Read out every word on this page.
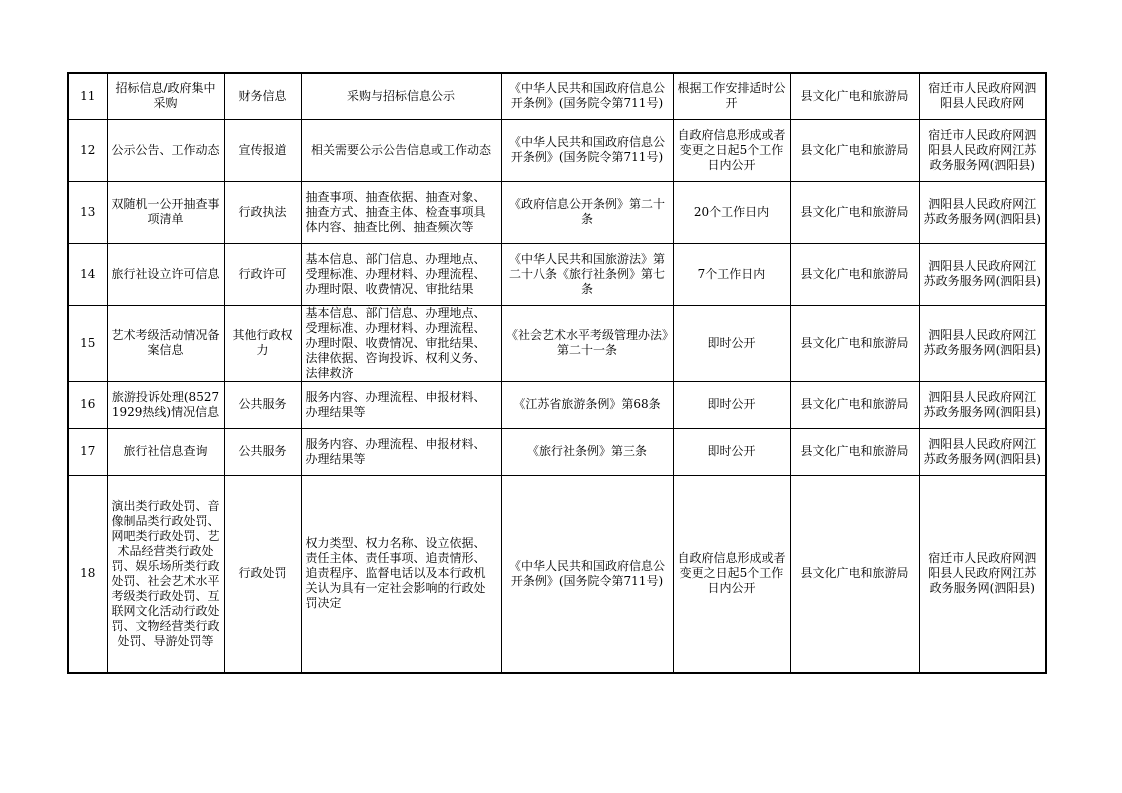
11	招标信息/政府集中采购	财务信息	采购与招标信息公示	《中华人民共和国政府信息公开条例》(国务院令第711号)	根据工作安排适时公开	县文化广电和旅游局	宿迁市人民政府网泗阳县人民政府网
12	公示公告、工作动态	宣传报道	相关需要公示公告信息或工作动态	《中华人民共和国政府信息公开条例》(国务院令第711号)	自政府信息形成或者变更之日起5个工作日内公开	县文化广电和旅游局	宿迁市人民政府网泗阳县人民政府网江苏政务服务网(泗阳县)
13	双随机一公开抽查事项清单	行政执法	抽查事项、抽查依据、抽查对象、抽查方式、抽查主体、检查事项具体内容、抽查比例、抽查频次等	《政府信息公开条例》第二十条	20个工作日内	县文化广电和旅游局	泗阳县人民政府网江苏政务服务网(泗阳县)
14	旅行社设立许可信息	行政许可	基本信息、部门信息、办理地点、受理标准、办理材料、办理流程、办理时限、收费情况、审批结果	《中华人民共和国旅游法》第二十八条《旅行社条例》第七条	7个工作日内	县文化广电和旅游局	泗阳县人民政府网江苏政务服务网(泗阳县)
15	艺术考级活动情况备案信息	其他行政权力	基本信息、部门信息、办理地点、受理标准、办理材料、办理流程、办理时限、收费情况、审批结果、法律依据、咨询投诉、权利义务、法律救济	《社会艺术水平考级管理办法》第二十一条	即时公开	县文化广电和旅游局	泗阳县人民政府网江苏政务服务网(泗阳县)
16	旅游投诉处理(85271929热线)情况信息	公共服务	服务内容、办理流程、申报材料、办理结果等	《江苏省旅游条例》第68条	即时公开	县文化广电和旅游局	泗阳县人民政府网江苏政务服务网(泗阳县)
17	旅行社信息查询	公共服务	服务内容、办理流程、申报材料、办理结果等	《旅行社条例》第三条	即时公开	县文化广电和旅游局	泗阳县人民政府网江苏政务服务网(泗阳县)
18	演出类行政处罚、音像制品类行政处罚、网吧类行政处罚、艺术品经营类行政处罚、娱乐场所类行政处罚、社会艺术水平考级类行政处罚、互联网文化活动行政处罚、文物经营类行政处罚、导游处罚等	行政处罚	权力类型、权力名称、设立依据、责任主体、责任事项、追责情形、追责程序、监督电话以及本行政机关认为具有一定社会影响的行政处罚决定	《中华人民共和国政府信息公开条例》(国务院令第711号)	自政府信息形成或者变更之日起5个工作日内公开	县文化广电和旅游局	宿迁市人民政府网泗阳县人民政府网江苏政务服务网(泗阳县)
